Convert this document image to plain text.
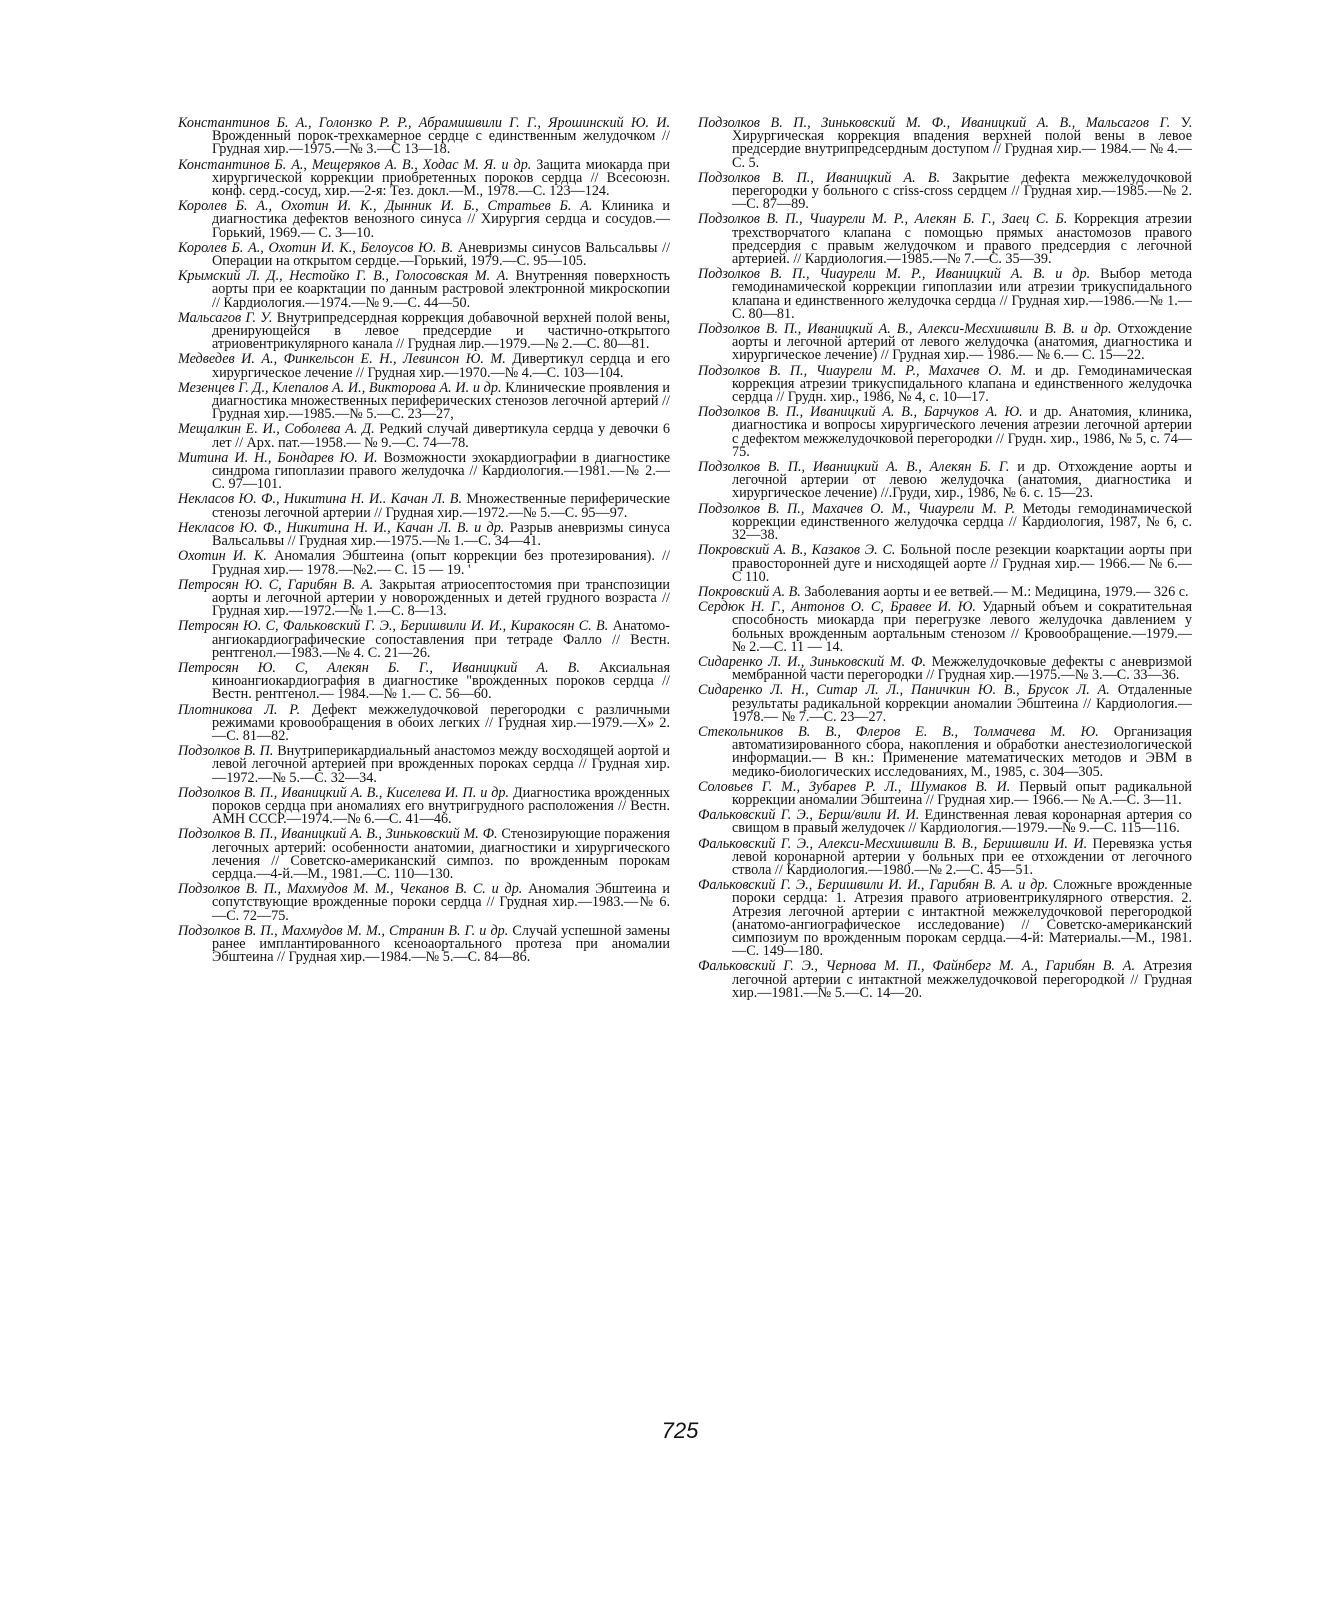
Константинов Б. А., Голонзко Р. Р., Абрамишвили Г. Г., Ярошинский Ю. И. Врожденный порок-трехкамерное сердце с единственным желудочком // Грудная хир.—1975.—№ 3.—С 13—18.

Константинов Б. А., Мещеряков А. В., Ходас М. Я. и др. Защита миокарда при хирургической коррекции приобретенных пороков сердца // Всесоюзн. конф. серд.-сосуд, хир.—2-я: Тез. докл.—М., 1978.—С. 123—124.

Королев Б. А., Охотин И. К., Дынник И. Б., Стратьев Б. А. Клиника и диагностика дефектов венозного синуса // Хирургия сердца и сосудов.— Горький, 1969.— С. 3—10.

Королев Б. А., Охотин И. К., Белоусов Ю. В. Аневризмы синусов Вальсальвы // Операции на открытом сердце.—Горький, 1979.—С. 95—105.

Крымский Л. Д., Нестойко Г. В., Голосовская М. А. Внутренняя поверхность аорты при ее коарктации по данным растровой электронной микроскопии // Кардиология.—1974.—№ 9.—С. 44—50.

Мальсагов Г. У. Внутрипредсердная коррекция добавочной верхней полой вены, дренирующейся в левое предсердие и частично-открытого атриовентрикулярного канала // Грудная лир.—1979.—№ 2.—С. 80—81.

Медведев И. А., Финкельсон Е. Н., Левинсон Ю. М. Дивертикул сердца и его хирургическое лечение // Грудная хир.—1970.—№ 4.—С. 103—104.

Мезенцев Г. Д., Клепалов А. И., Викторова А. И. и др. Клинические проявления и диагностика множественных периферических стенозов легочной артерий // Грудная хир.—1985.—№ 5.—С. 23—27,

Мещалкин Е. И., Соболева А. Д. Редкий случай дивертикула сердца у девочки 6 лет // Арх. пат.—1958.— № 9.—С. 74—78.

Митина И. Н., Бондарев Ю. И. Возможности эхокардиографии в диагностике синдрома гипоплазии правого желудочка // Кардиология.—1981.—№ 2.—С. 97—101.

Некласов Ю. Ф., Никитина Н. И.. Качан Л. В. Множественные периферические стенозы легочной артерии // Грудная хир.—1972.—№ 5.—С. 95—97.

Некласов Ю. Ф., Никитина Н. И., Качан Л. В. и др. Разрыв аневризмы синуса Вальсальвы // Грудная хир.—1975.—№ 1.—С. 34—41.

Охотин И. К. Аномалия Эбштеина (опыт коррекции без протезирования). // Грудная хир.— 1978.—№2.— С. 15 — 19. '

Петросян Ю. С, Гарибян В. А. Закрытая атриосептостомия при транспозиции аорты и легочной артерии у новорожденных и детей грудного возраста // Грудная хир.—1972.—№ 1.—С. 8—13.

Петросян Ю. С, Фальковский Г. Э., Беришвили И. И., Киракосян С. В. Анатомо-ангиокардиографические сопоставления при тетраде Фалло // Вестн. рентгенол.—1983.—№ 4. С. 21—26.

Петросян Ю. С, Алекян Б. Г., Иваницкий А. В. Аксиальная киноангиокардиография в диагностике "врожденных пороков сердца // Вестн. рентгенол.— 1984.—№ 1.— С. 56—60.

Плотникова Л. Р. Дефект межжелудочковой перегородки с различными режимами кровообращения в обоих легких // Грудная хир.—1979.—Х» 2.—С. 81—82.

Подзолков В. П. Внутриперикардиальный анастомоз между восходящей аортой и левой легочной артерией при врожденных пороках сердца // Грудная хир.—1972.—№ 5.—С. 32—34.

Подзолков В. П., Иваницкий А. В., Киселева И. П. и др. Диагностика врожденных пороков сердца при аномалиях его внутригрудного расположения // Вестн. АМН СССР.—1974.—№ 6.—С. 41—46.

Подзолков В. П., Иваницкий А. В., Зиньковский М. Ф. Стенозирующие поражения легочных артерий: особенности анатомии, диагностики и хирургического лечения // Советско-американский симпоз. по врожденным порокам сердца.—4-й.—М., 1981.—С. 110—130.

Подзолков В. П., Махмудов М. М., Чеканов В. С. и др. Аномалия Эбштеина и сопутствующие врожденные пороки сердца // Грудная хир.—1983.—№ 6.—С. 72—75.

Подзолков В. П., Махмудов М. М., Странин В. Г. и др. Случай успешной замены ранее имплантированного ксеноаортального протеза при аномалии Эбштеина // Грудная хир.—1984.—№ 5.—С. 84—86.

Подзолков В. П., Зиньковский М. Ф., Иваницкий А. В., Мальсагов Г. У. Хирургическая коррекция впадения верхней полой вены в левое предсердие внутрипредсердным доступом // Грудная хир.— 1984.— № 4.— С. 5.

Подзолков В. П., Иваницкий А. В. Закрытие дефекта межжелудочковой перегородки у больного с criss-cross сердцем // Грудная хир.—1985.—№ 2.—С. 87—89.

Подзолков В. П., Чиаурели М. Р., Алекян Б. Г., Заец С. Б. Коррекция атрезии трехстворчатого клапана с помощью прямых анастомозов правого предсердия с правым желудочком и правого предсердия с легочной артерией. // Кардиология.—1985.—№ 7.—С. 35—39.

Подзолков В. П., Чиаурели М. Р., Иваницкий А. В. и др. Выбор метода гемодинамической коррекции гипоплазии или атрезии трикуспидального клапана и единственного желудочка сердца // Грудная хир.—1986.—№ 1.— С. 80—81.

Подзолков В. П., Иваницкий А. В., Алекси-Месхишвили В. В. и др. Отхождение аорты и легочной артерий от левого желудочка (анатомия, диагностика и хирургическое лечение) // Грудная хир.— 1986.— № 6.— С. 15—22.

Подзолков В. П., Чиаурели М. Р., Махачев О. М. и др. Гемодинамическая коррекция атрезии трикуспидального клапана и единственного желудочка сердца // Грудн. хир., 1986, № 4, с. 10—17.

Подзолков В. П., Иваницкий А. В., Барчуков А. Ю. и др. Анатомия, клиника, диагностика и вопросы хирургического лечения атрезии легочной артерии с дефектом межжелудочковой перегородки // Грудн. хир., 1986, № 5, с. 74—75.

Подзолков В. П., Иваницкий А. В., Алекян Б. Г. и др. Отхождение аорты и легочной артерии от левою желудочка (анатомия, диагностика и хирургическое лечение) //.Груди, хир., 1986, № 6. с. 15—23.

Подзолков В. П., Махачев О. М., Чиаурели М. Р. Методы гемодинамической коррекции единственного желудочка сердца // Кардиология, 1987, № 6, с. 32—38.

Покровский А. В., Казаков Э. С. Больной после резекции коарктации аорты при правосторонней дуге и нисходящей аорте // Грудная хир.— 1966.— № 6.— С 110.

Покровский А. В. Заболевания аорты и ее ветвей.— М.: Медицина, 1979.— 326 с.

Сердюк Н. Г., Антонов О. С, Бравее И. Ю. Ударный объем и сократительная способность миокарда при перегрузке левого желудочка давлением у больных врожденным аортальным стенозом // Кровообращение.—1979.—№ 2.—С. 11 — 14.

Сидаренко Л. И., Зиньковский М. Ф. Межжелудочковые дефекты с аневризмой мембранной части перегородки // Грудная хир.—1975.—№ 3.—С. 33—36.

Сидаренко Л. Н., Ситар Л. Л., Паничкин Ю. В., Брусок Л. А. Отдаленные результаты радикальной коррекции аномалии Эбштеина // Кардиология.— 1978.— № 7.—С. 23—27.

Стекольников В. В., Флеров Е. В., Толмачева М. Ю. Организация автоматизированного сбора, накопления и обработки анестезиологической информации.— В кн.: Применение математических методов и ЭВМ в медико-биологических исследованиях, М., 1985, с. 304—305.

Соловьев Г. М., Зубарев Р. Л., Шумаков В. И. Первый опыт радикальной коррекции аномалии Эбштеина // Грудная хир.— 1966.— № А.—С. 3—11.

Фальковский Г. Э., Берш/вили И. И. Единственная левая коронарная артерия со свищом в правый желудочек // Кардиология.—1979.—№ 9.—С. 115—116.

Фальковский Г. Э., Алекси-Месхишвили В. В., Беришвили И. И. Перевязка устья левой коронарной артерии у больных при ее отхождении от легочного ствола // Кардиология.—1980.—№ 2.—С. 45—51.

Фальковский Г. Э., Беришвили И. И., Гарибян В. А. и др. Сложньге врожденные пороки сердца: 1. Атрезия правого атриовентрикулярного отверстия. 2. Атрезия легочной артерии с интактной межжелудочковой перегородкой (анатомо-ангиографическое исследование) // Советско-американский симпозиум по врожденным порокам сердца.—4-й: Материалы.—М., 1981.—С. 149—180.

Фальковский Г. Э., Чернова М. П., Файнберг М. А., Гарибян В. А. Атрезия легочной артерии с интактной межжелудочковой перегородкой // Грудная хир.—1981.—№ 5.—С. 14—20.

725
